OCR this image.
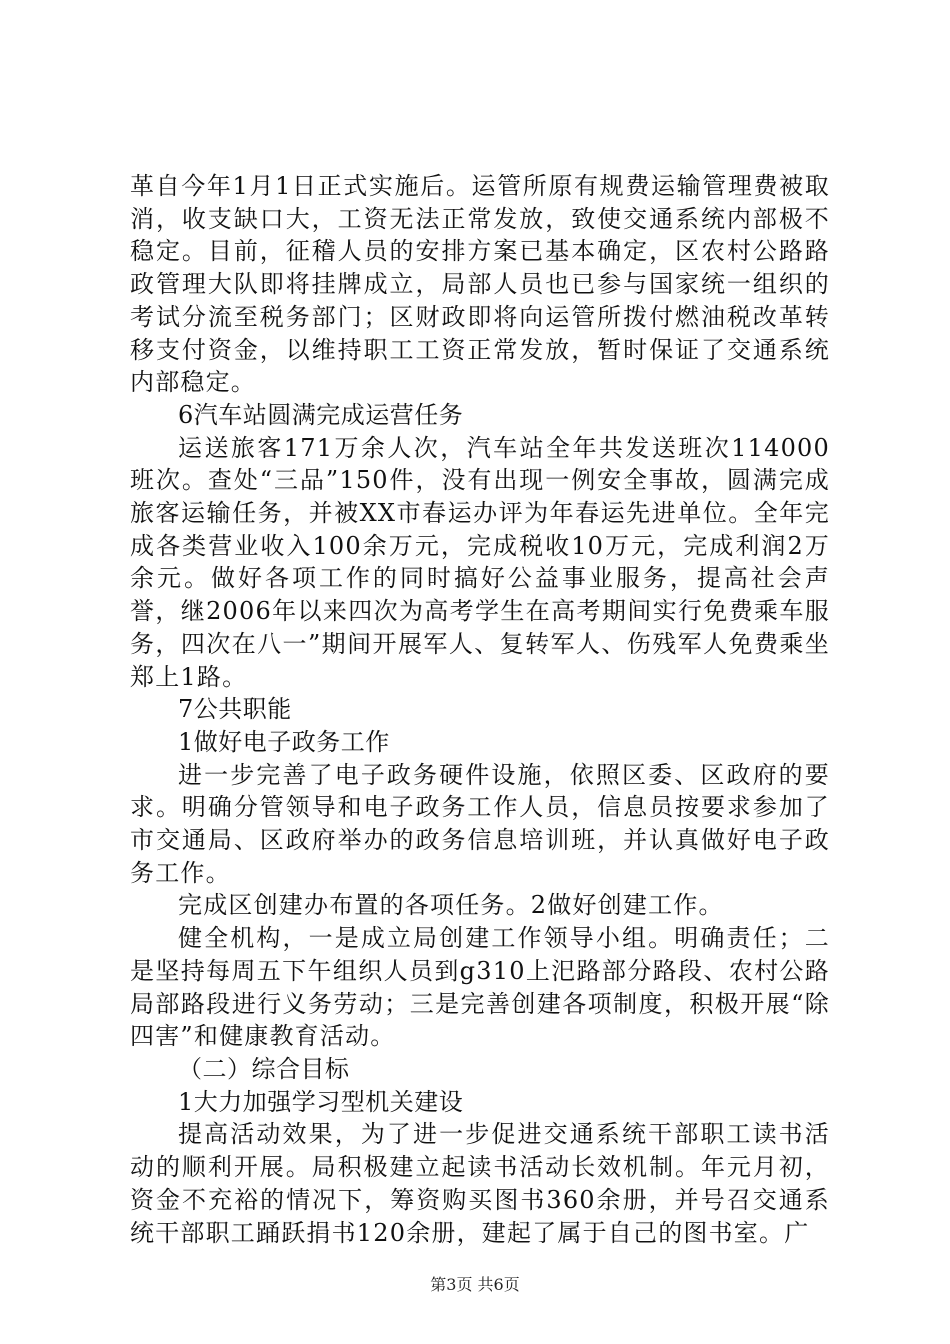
革自今年1月1日正式实施后。运管所原有规费运输管理费被取消，收支缺口大，工资无法正常发放，致使交通系统内部极不稳定。目前，征稽人员的安排方案已基本确定，区农村公路路政管理大队即将挂牌成立，局部人员也已参与国家统一组织的考试分流至税务部门；区财政即将向运管所拨付燃油税改革转移支付资金，以维持职工工资正常发放，暂时保证了交通系统内部稳定。

6汽车站圆满完成运营任务

运送旅客171万余人次，汽车站全年共发送班次114000班次。查处“三品”150件，没有出现一例安全事故，圆满完成旅客运输任务，并被XX市春运办评为年春运先进单位。全年完成各类营业收入100余万元，完成税收10万元，完成利润2万余元。做好各项工作的同时搞好公益事业服务，提高社会声誉，继2006年以来四次为高考学生在高考期间实行免费乘车服务，四次在八一”期间开展军人、复转军人、伤残军人免费乘坐郑上1路。

7公共职能

1做好电子政务工作

进一步完善了电子政务硬件设施，依照区委、区政府的要求。明确分管领导和电子政务工作人员，信息员按要求参加了市交通局、区政府举办的政务信息培训班，并认真做好电子政务工作。

完成区创建办布置的各项任务。2做好创建工作。

健全机构，一是成立局创建工作领导小组。明确责任；二是坚持每周五下午组织人员到g310上汜路部分路段、农村公路局部路段进行义务劳动；三是完善创建各项制度，积极开展“除四害”和健康教育活动。

（二）综合目标

1大力加强学习型机关建设

提高活动效果，为了进一步促进交通系统干部职工读书活动的顺利开展。局积极建立起读书活动长效机制。年元月初，资金不充裕的情况下，筹资购买图书360余册，并号召交通系统干部职工踊跃捐书120余册，建起了属于自己的图书室。广

第3页 共6页
